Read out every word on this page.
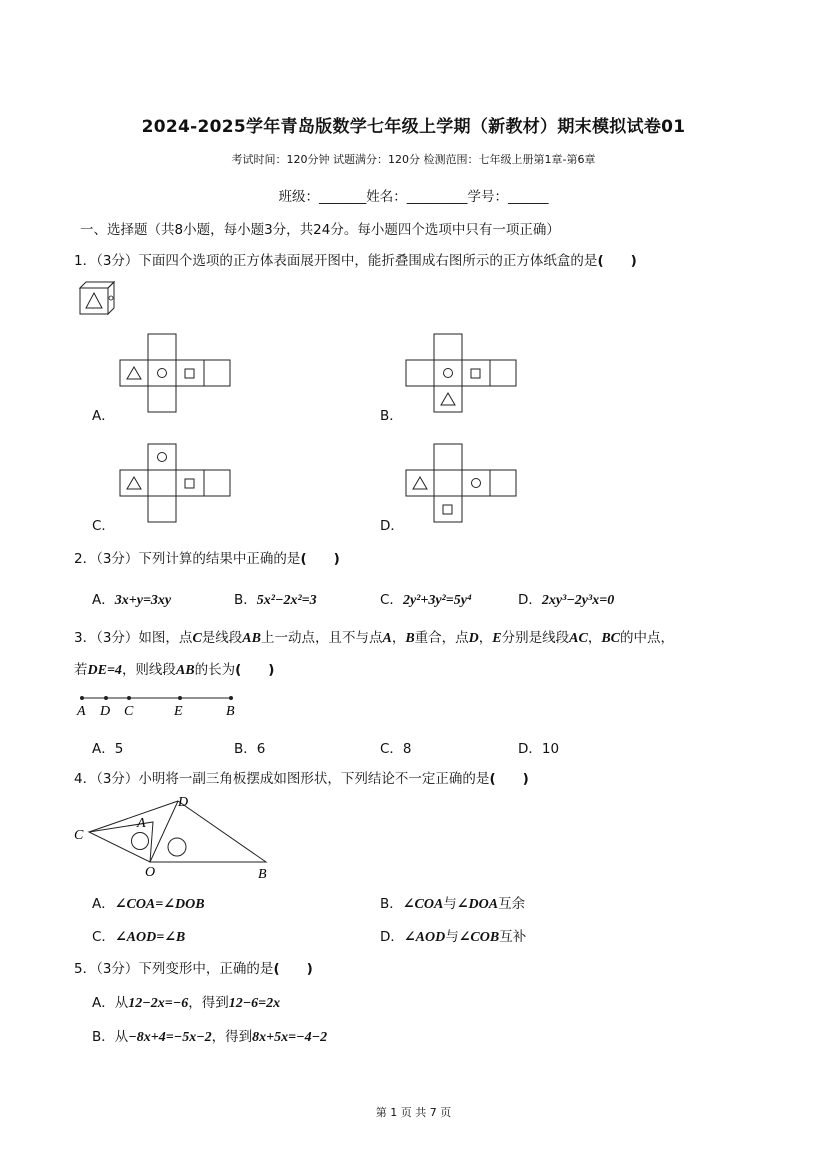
2024-2025学年青岛版数学七年级上学期（新教材）期末模拟试卷01
考试时间：120分钟 试题满分：120分 检测范围：七年级上册第1章-第6章
班级：_______姓名：_________学号：______
一、选择题（共8小题，每小题3分，共24分。每小题四个选项中只有一项正确）
1．（3分）下面四个选项的正方体表面展开图中，能折叠围成右图所示的正方体纸盒的是(　　)
A．	B．
C．	D．
2．（3分）下列计算的结果中正确的是(　　)
A．3x+y=3xy	B．5x²−2x²=3	C．2y²+3y²=5y⁴	D．2xy³−2y³x=0
3．（3分）如图，点C是线段AB上一动点，且不与点A，B重合，点D，E分别是线段AC，BC的中点，
若DE=4，则线段AB的长为(　　)
A D C	E	B
A．5	B．6	C．8	D．10
4．（3分）小明将一副三角板摆成如图形状，下列结论不一定正确的是(　　)
C
A
D
O	B
A．∠COA=∠DOB	B．∠COA与∠DOA互余
C．∠AOD=∠B	D．∠AOD与∠COB互补
5．（3分）下列变形中，正确的是(　　)
A．从12−2x=−6，得到12−6=2x
B．从−8x+4=−5x−2，得到8x+5x=−4−2
第 1 页 共 7 页
